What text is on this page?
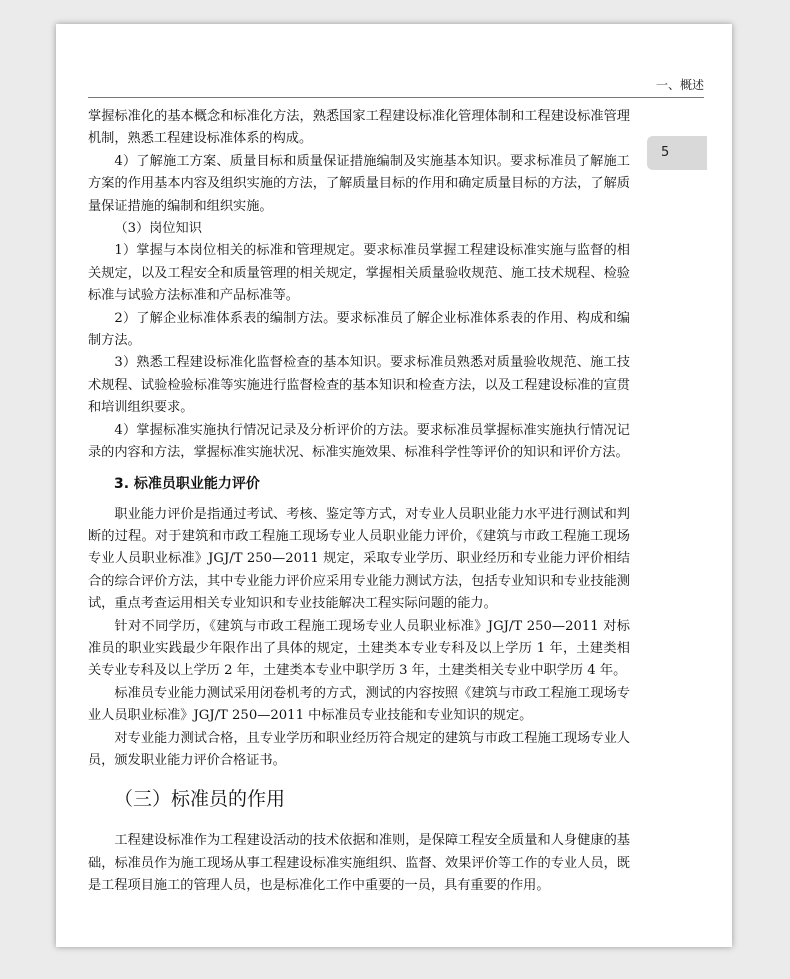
一、概述
5

掌握标准化的基本概念和标准化方法，熟悉国家工程建设标准化管理体制和工程建设标准管理机制，熟悉工程建设标准体系的构成。

4）了解施工方案、质量目标和质量保证措施编制及实施基本知识。要求标准员了解施工方案的作用基本内容及组织实施的方法，了解质量目标的作用和确定质量目标的方法，了解质量保证措施的编制和组织实施。

（3）岗位知识

1）掌握与本岗位相关的标准和管理规定。要求标准员掌握工程建设标准实施与监督的相关规定，以及工程安全和质量管理的相关规定，掌握相关质量验收规范、施工技术规程、检验标准与试验方法标准和产品标准等。

2）了解企业标准体系表的编制方法。要求标准员了解企业标准体系表的作用、构成和编制方法。

3）熟悉工程建设标准化监督检查的基本知识。要求标准员熟悉对质量验收规范、施工技术规程、试验检验标准等实施进行监督检查的基本知识和检查方法，以及工程建设标准的宣贯和培训组织要求。

4）掌握标准实施执行情况记录及分析评价的方法。要求标准员掌握标准实施执行情况记录的内容和方法，掌握标准实施状况、标准实施效果、标准科学性等评价的知识和评价方法。

3. 标准员职业能力评价

职业能力评价是指通过考试、考核、鉴定等方式，对专业人员职业能力水平进行测试和判断的过程。对于建筑和市政工程施工现场专业人员职业能力评价，《建筑与市政工程施工现场专业人员职业标准》JGJ/T 250—2011 规定，采取专业学历、职业经历和专业能力评价相结合的综合评价方法，其中专业能力评价应采用专业能力测试方法，包括专业知识和专业技能测试，重点考查运用相关专业知识和专业技能解决工程实际问题的能力。

针对不同学历，《建筑与市政工程施工现场专业人员职业标准》JGJ/T 250—2011 对标准员的职业实践最少年限作出了具体的规定，土建类本专业专科及以上学历 1 年，土建类相关专业专科及以上学历 2 年，土建类本专业中职学历 3 年，土建类相关专业中职学历 4 年。

标准员专业能力测试采用闭卷机考的方式，测试的内容按照《建筑与市政工程施工现场专业人员职业标准》JGJ/T 250—2011 中标准员专业技能和专业知识的规定。

对专业能力测试合格，且专业学历和职业经历符合规定的建筑与市政工程施工现场专业人员，颁发职业能力评价合格证书。

（三）标准员的作用

工程建设标准作为工程建设活动的技术依据和准则，是保障工程安全质量和人身健康的基础，标准员作为施工现场从事工程建设标准实施组织、监督、效果评价等工作的专业人员，既是工程项目施工的管理人员，也是标准化工作中重要的一员，具有重要的作用。
